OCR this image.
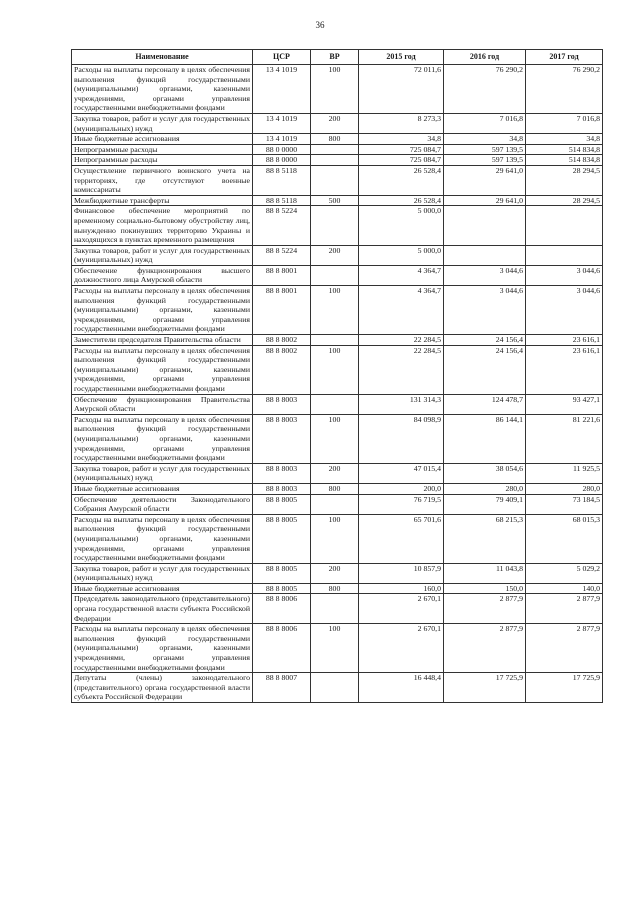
36
Наименование	ЦСР	ВР	2015 год	2016 год	2017 год
Расходы на выплаты персоналу в целях обеспечения выполнения функций государственными (муниципальными) органами, казенными учреждениями, органами управления государственными внебюджетными фондами	13 4 1019	100	72 011,6	76 290,2	76 290,2
Закупка товаров, работ и услуг для государственных (муниципальных) нужд	13 4 1019	200	8 273,3	7 016,8	7 016,8
Иные бюджетные ассигнования	13 4 1019	800	34,8	34,8	34,8
Непрограммные расходы	88 0 0000		725 084,7	597 139,5	514 834,8
Непрограммные расходы	88 8 0000		725 084,7	597 139,5	514 834,8
Осуществление первичного воинского учета на территориях, где отсутствуют военные комиссариаты	88 8 5118		26 528,4	29 641,0	28 294,5
Межбюджетные трансферты	88 8 5118	500	26 528,4	29 641,0	28 294,5
Финансовое обеспечение мероприятий по временному социально-бытовому обустройству лиц, вынужденно покинувших территорию Украины и находящихся в пунктах временного размещения	88 8 5224		5 000,0		
Закупка товаров, работ и услуг для государственных (муниципальных) нужд	88 8 5224	200	5 000,0		
Обеспечение функционирования высшего должностного лица Амурской области	88 8 8001		4 364,7	3 044,6	3 044,6
Расходы на выплаты персоналу в целях обеспечения выполнения функций государственными (муниципальными) органами, казенными учреждениями, органами управления государственными внебюджетными фондами	88 8 8001	100	4 364,7	3 044,6	3 044,6
Заместители председателя Правительства области	88 8 8002		22 284,5	24 156,4	23 616,1
Расходы на выплаты персоналу в целях обеспечения выполнения функций государственными (муниципальными) органами, казенными учреждениями, органами управления государственными внебюджетными фондами	88 8 8002	100	22 284,5	24 156,4	23 616,1
Обеспечение функционирования Правительства Амурской области	88 8 8003		131 314,3	124 478,7	93 427,1
Расходы на выплаты персоналу в целях обеспечения выполнения функций государственными (муниципальными) органами, казенными учреждениями, органами управления государственными внебюджетными фондами	88 8 8003	100	84 098,9	86 144,1	81 221,6
Закупка товаров, работ и услуг для государственных (муниципальных) нужд	88 8 8003	200	47 015,4	38 054,6	11 925,5
Иные бюджетные ассигнования	88 8 8003	800	200,0	280,0	280,0
Обеспечение деятельности Законодательного Собрания Амурской области	88 8 8005		76 719,5	79 409,1	73 184,5
Расходы на выплаты персоналу в целях обеспечения выполнения функций государственными (муниципальными) органами, казенными учреждениями, органами управления государственными внебюджетными фондами	88 8 8005	100	65 701,6	68 215,3	68 015,3
Закупка товаров, работ и услуг для государственных (муниципальных) нужд	88 8 8005	200	10 857,9	11 043,8	5 029,2
Иные бюджетные ассигнования	88 8 8005	800	160,0	150,0	140,0
Председатель законодательного (представительного) органа государственной власти субъекта Российской Федерации	88 8 8006		2 670,1	2 877,9	2 877,9
Расходы на выплаты персоналу в целях обеспечения выполнения функций государственными (муниципальными) органами, казенными учреждениями, органами управления государственными внебюджетными фондами	88 8 8006	100	2 670,1	2 877,9	2 877,9
Депутаты (члены) законодательного (представительного) органа государственной власти субъекта Российской Федерации	88 8 8007		16 448,4	17 725,9	17 725,9
